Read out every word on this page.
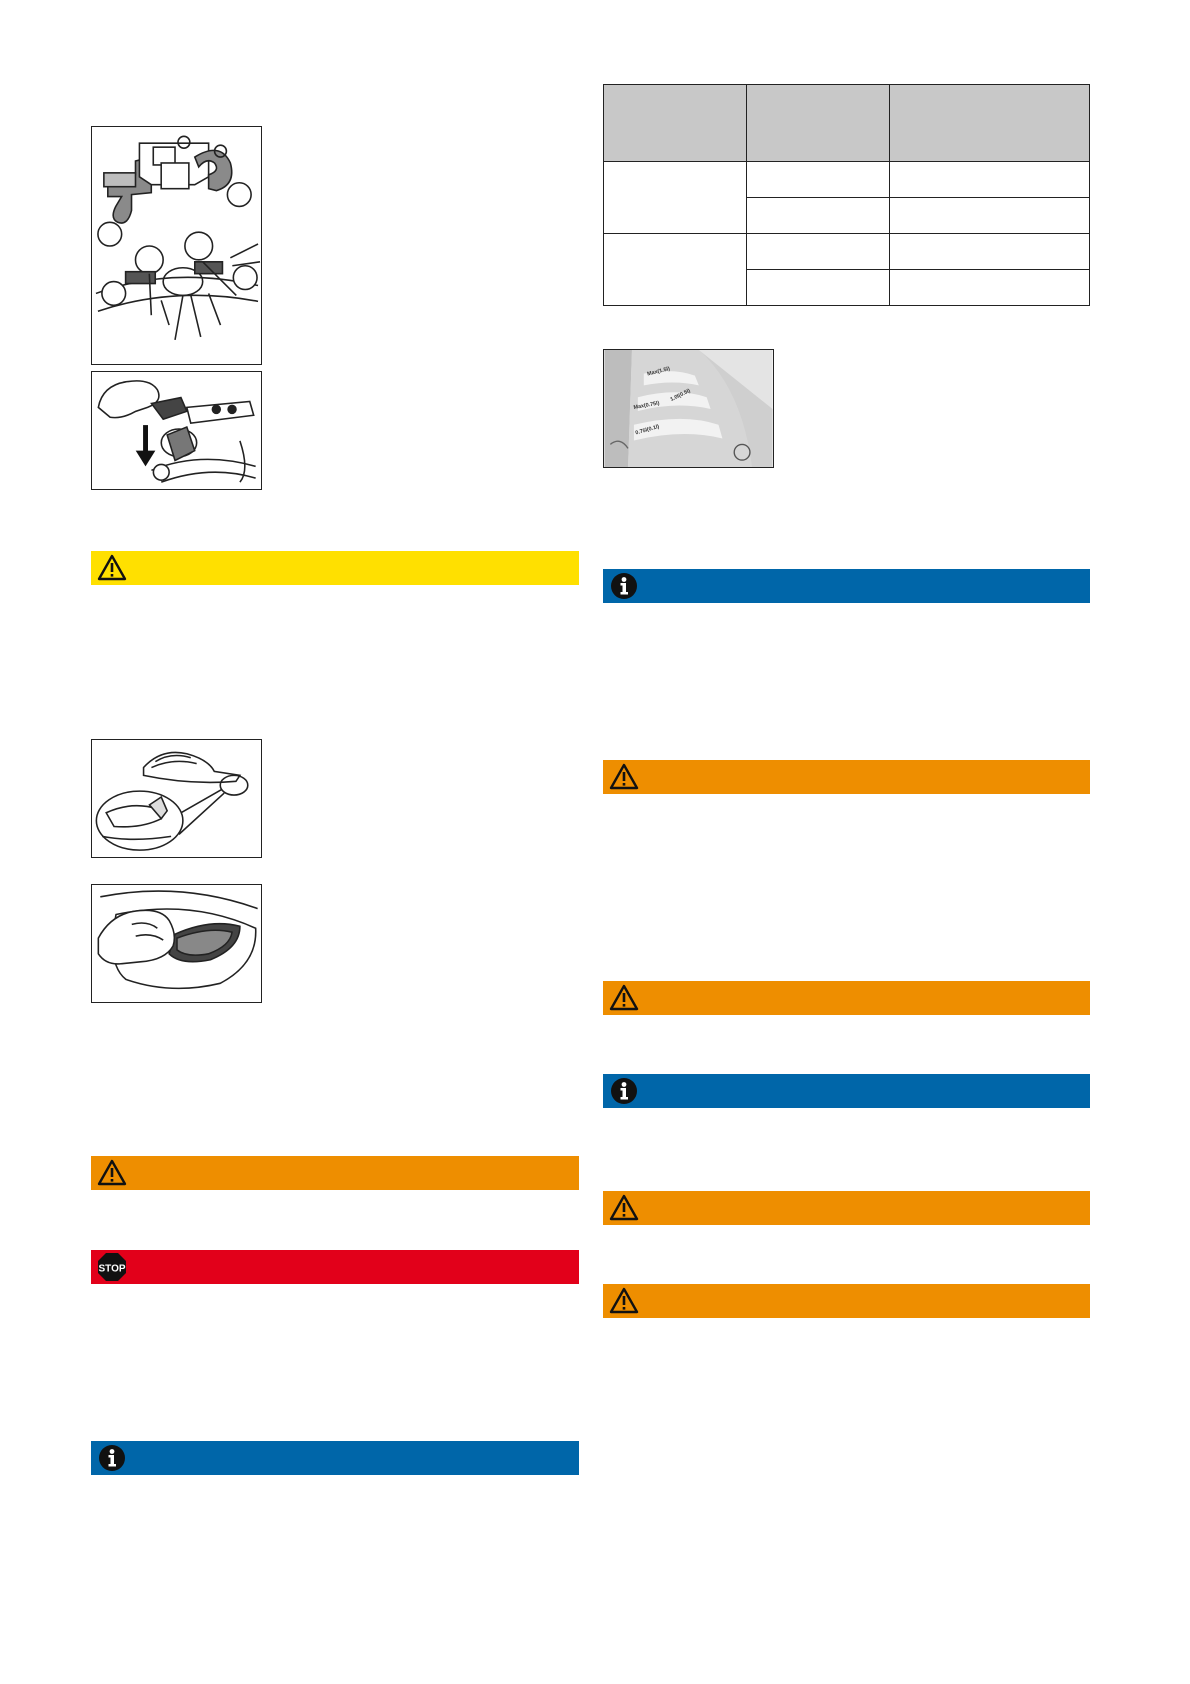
STOP

Max(1.5l)
Max(0.75l)
1.0l(0.5l)
0.75l(0.1l)
